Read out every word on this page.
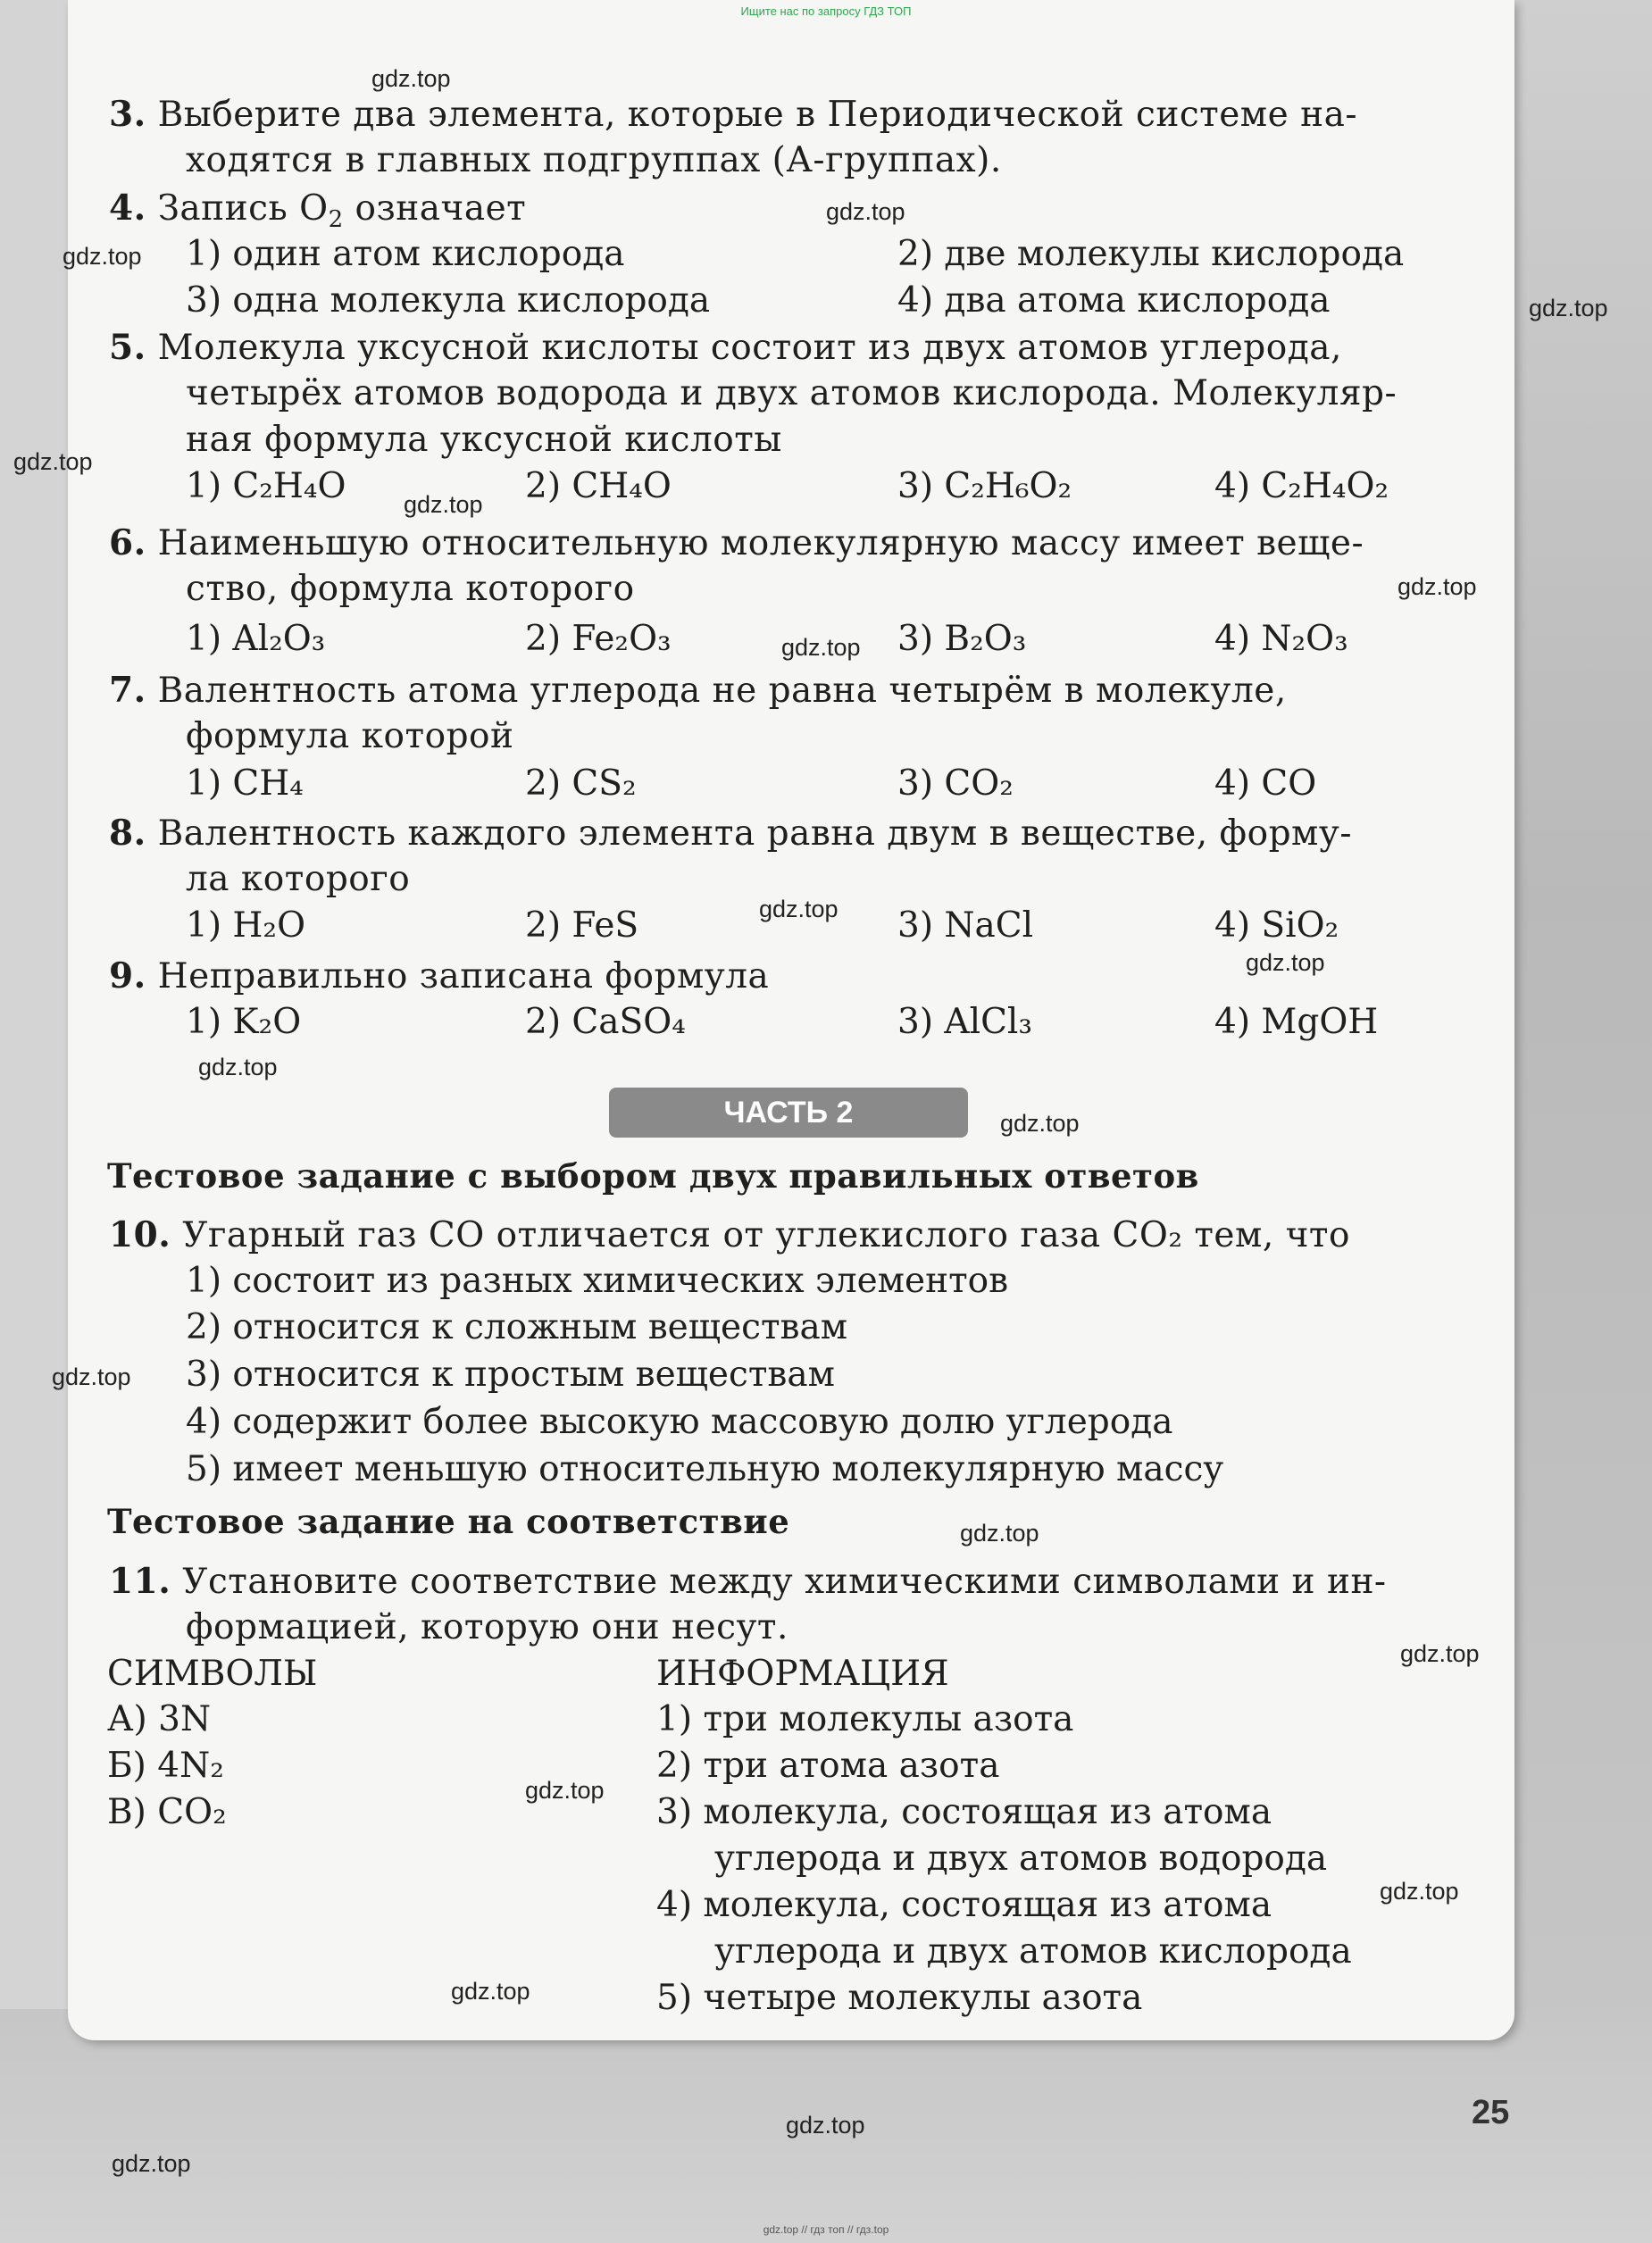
Ищите нас по запросу ГДЗ ТОП
3. Выберите два элемента, которые в Периодической системе на-
ходятся в главных подгруппах (А-группах).
4. Запись $O_2$ означает
1) один атом кислорода	2) две молекулы кислорода
3) одна молекула кислорода	4) два атома кислорода
5. Молекула уксусной кислоты состоит из двух атомов углерода,
четырёх атомов водорода и двух атомов кислорода. Молекуляр-
ная формула уксусной кислоты
1) C₂H₄O	2) CH₄O	3) C₂H₆O₂	4) C₂H₄O₂
6. Наименьшую относительную молекулярную массу имеет веще-
ство, формула которого
1) Al₂O₃	2) Fe₂O₃	3) B₂O₃	4) N₂O₃
7. Валентность атома углерода не равна четырём в молекуле,
формула которой
1) CH₄	2) CS₂	3) CO₂	4) CO
8. Валентность каждого элемента равна двум в веществе, форму-
ла которого
1) H₂O	2) FeS	3) NaCl	4) SiO₂
9. Неправильно записана формула
1) K₂O	2) CaSO₄	3) AlCl₃	4) MgOH
ЧАСТЬ 2
Тестовое задание с выбором двух правильных ответов
10. Угарный газ CO отличается от углекислого газа CO₂ тем, что
1) состоит из разных химических элементов
2) относится к сложным веществам
3) относится к простым веществам
4) содержит более высокую массовую долю углерода
5) имеет меньшую относительную молекулярную массу
Тестовое задание на соответствие
11. Установите соответствие между химическими символами и ин-
формацией, которую они несут.
СИМВОЛЫ	ИНФОРМАЦИЯ
А) 3N
Б) 4N₂
В) CO₂
1) три молекулы азота
2) три атома азота
3) молекула, состоящая из атома
углерода и двух атомов водорода
4) молекула, состоящая из атома
углерода и двух атомов кислорода
5) четыре молекулы азота
25
gdz.top
gdz.top
gdz.top
gdz.top
gdz.top
gdz.top
gdz.top
gdz.top
gdz.top
gdz.top
gdz.top
gdz.top
gdz.top
gdz.top
gdz.top
gdz.top
gdz.top
gdz.top
gdz.top
gdz.top
gdz.top // гдз топ // гдз.top
